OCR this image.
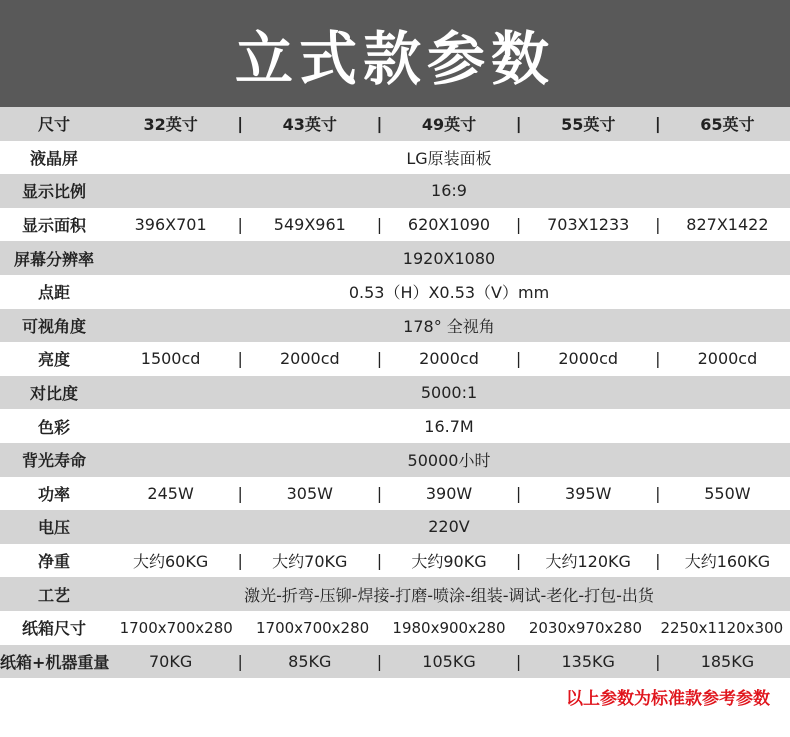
立式款参数
尺寸	32英寸	|	43英寸	|	49英寸	|	55英寸	|	65英寸
液晶屏	LG原装面板
显示比例	16:9
显示面积	396X701	|	549X961	|	620X1090	|	703X1233	|	827X1422
屏幕分辨率	1920X1080
点距	0.53（H）X0.53（V）mm
可视角度	178° 全视角
亮度	1500cd	|	2000cd	|	2000cd	|	2000cd	|	2000cd
对比度	5000:1
色彩	16.7M
背光寿命	50000小时
功率	245W	|	305W	|	390W	|	395W	|	550W
电压	220V
净重	大约60KG	|	大约70KG	|	大约90KG	|	大约120KG	|	大约160KG
工艺	激光-折弯-压铆-焊接-打磨-喷涂-组装-调试-老化-打包-出货
纸箱尺寸	1700x700x280	1700x700x280	1980x900x280	2030x970x280	2250x1120x300
纸箱+机器重量	70KG	|	85KG	|	105KG	|	135KG	|	185KG
以上参数为标准款参考参数
